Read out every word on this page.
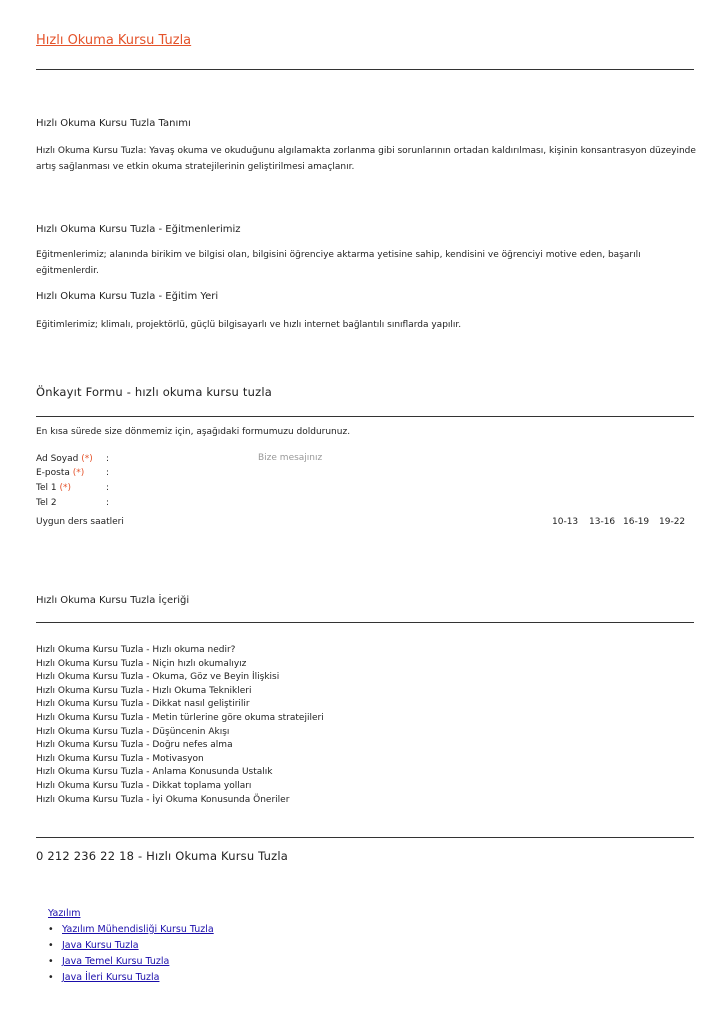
Hızlı Okuma Kursu Tuzla
Hızlı Okuma Kursu Tuzla Tanımı
Hızlı Okuma Kursu Tuzla: Yavaş okuma ve okuduğunu algılamakta zorlanma gibi sorunlarının ortadan kaldırılması, kişinin konsantrasyon düzeyinde artış sağlanması ve etkin okuma stratejilerinin geliştirilmesi amaçlanır.
Hızlı Okuma Kursu Tuzla - Eğitmenlerimiz
Eğitmenlerimiz; alanında birikim ve bilgisi olan, bilgisini öğrenciye aktarma yetisine sahip, kendisini ve öğrenciyi motive eden, başarılı eğitmenlerdir.
Hızlı Okuma Kursu Tuzla - Eğitim Yeri
Eğitimlerimiz; klimalı, projektörlü, güçlü bilgisayarlı ve hızlı internet bağlantılı sınıflarda yapılır.
Önkayıt Formu - hızlı okuma kursu tuzla
En kısa sürede size dönmemiz için, aşağıdaki formumuzu doldurunuz.
Ad Soyad (*) :
E-posta (*) :
Tel 1 (*)	:
Tel 2	:
Bize mesajınız
Uygun ders saatleri	10-13 13-16 16-19 19-22
Hızlı Okuma Kursu Tuzla İçeriği
Hızlı Okuma Kursu Tuzla - Hızlı okuma nedir?
Hızlı Okuma Kursu Tuzla - Niçin hızlı okumalıyız
Hızlı Okuma Kursu Tuzla - Okuma, Göz ve Beyin İlişkisi
Hızlı Okuma Kursu Tuzla - Hızlı Okuma Teknikleri
Hızlı Okuma Kursu Tuzla - Dikkat nasıl geliştirilir
Hızlı Okuma Kursu Tuzla - Metin türlerine göre okuma stratejileri
Hızlı Okuma Kursu Tuzla - Düşüncenin Akışı
Hızlı Okuma Kursu Tuzla - Doğru nefes alma
Hızlı Okuma Kursu Tuzla - Motivasyon
Hızlı Okuma Kursu Tuzla - Anlama Konusunda Ustalık
Hızlı Okuma Kursu Tuzla - Dikkat toplama yolları
Hızlı Okuma Kursu Tuzla - İyi Okuma Konusunda Öneriler
0 212 236 22 18 - Hızlı Okuma Kursu Tuzla
Yazılım
• Yazılım Mühendisliği Kursu Tuzla
• Java Kursu Tuzla
• Java Temel Kursu Tuzla
• Java İleri Kursu Tuzla
